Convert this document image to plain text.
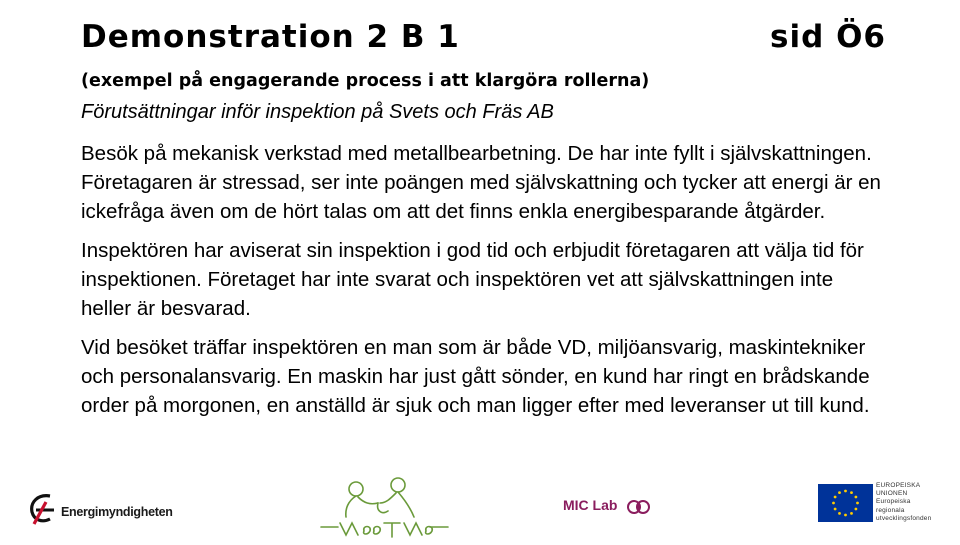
Demonstration 2 B 1	sid Ö6
(exempel på engagerande process i att klargöra rollerna)
Förutsättningar inför inspektion på Svets och Fräs AB

Besök på mekanisk verkstad med metallbearbetning. De har inte fyllt i självskattningen. Företagaren är stressad, ser inte poängen med självskattning och tycker att energi är en ickefråga även om de hört talas om att det finns enkla energibesparande åtgärder.

Inspektören har aviserat sin inspektion i god tid och erbjudit företagaren att välja tid för inspektionen. Företaget har inte svarat och inspektören vet att självskattningen inte heller är besvarad.

Vid besöket träffar inspektören en man som är både VD, miljöansvarig, maskintekniker och personalansvarig. En maskin har just gått sönder, en kund har ringt en brådskande order på morgonen, en anställd är sjuk och man ligger efter med leveranser ut till kund.

Energimyndigheten	MIC Lab
EUROPEISKA
UNIONEN
Europeiska
regionala
utvecklingsfonden
